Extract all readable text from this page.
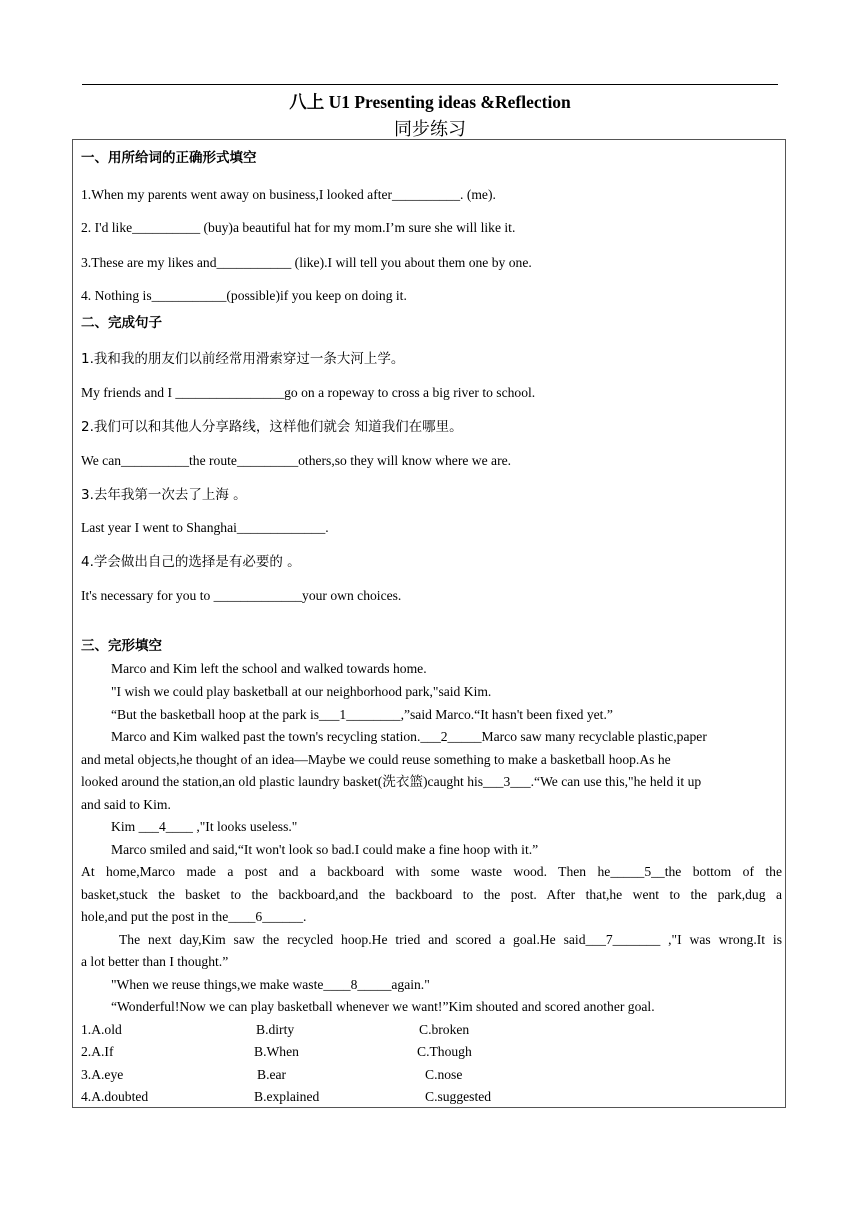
八上 U1 Presenting ideas &Reflection
同步练习
一、用所给词的正确形式填空
1.When my parents went away on business,I looked after__________. (me).
2. I'd like__________ (buy)a beautiful hat for my mom.I’m sure she will like it.
3.These are my likes and___________ (like).I will tell you about them one by one.
4. Nothing is___________(possible)if you keep on doing it.
二、完成句子
1.我和我的朋友们以前经常用滑索穿过一条大河上学。
My friends and I ________________go on a ropeway to cross a big river to school.
2.我们可以和其他人分享路线，这样他们就会 知道我们在哪里。
We can__________the route_________others,so they will know where we are.
3.去年我第一次去了上海 。
Last year I went to Shanghai_____________.
4.学会做出自己的选择是有必要的 。
It's necessary for you to _____________your own choices.
三、完形填空
Marco and Kim left the school and walked towards home.
"I wish we could play basketball at our neighborhood park,"said Kim.
“But the basketball hoop at the park is___1________,”said Marco.“It hasn't been fixed yet.”
Marco and Kim walked past the town's recycling station.___2_____Marco saw many recyclable plastic,paper
and metal objects,he thought of an idea—Maybe we could reuse something to make a basketball hoop.As he
looked around the station,an old plastic laundry basket(洗衣篮)caught his___3___.“We can use this,"he held it up
and said to Kim.
Kim ___4____ ,"It looks useless."
Marco smiled and said,“It won't look so bad.I could make a fine hoop with it.”
At home,Marco made a post and a backboard with some waste wood. Then he_____5__the bottom of the
basket,stuck the basket to the backboard,and the backboard to the post. After that,he went to the park,dug a
hole,and put the post in the____6______.
The next day,Kim saw the recycled hoop.He tried and scored a goal.He said___7_______ ,"I was wrong.It is
a lot better than I thought.”
"When we reuse things,we make waste____8_____again."
“Wonderful!Now we can play basketball whenever we want!”Kim shouted and scored another goal.
1.A.old	B.dirty	C.broken
2.A.If	B.When	C.Though
3.A.eye	B.ear	C.nose
4.A.doubted	B.explained	C.suggested
